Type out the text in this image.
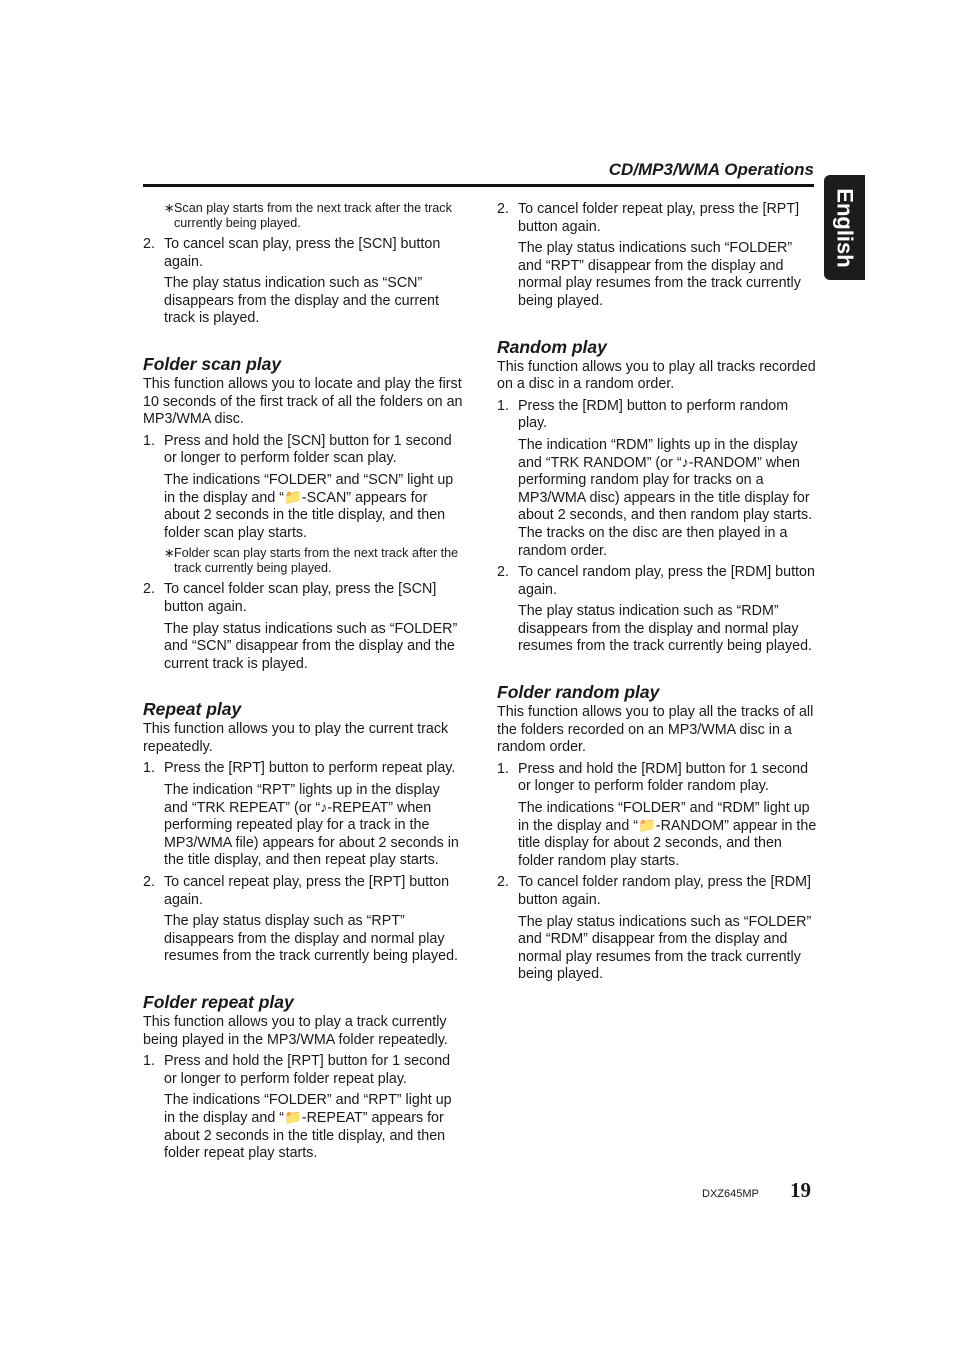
CD/MP3/WMA Operations
English
∗ Scan play starts from the next track after the track currently being played.
2. To cancel scan play, press the [SCN] button again.
The play status indication such as “SCN” disappears from the display and the current track is played.
Folder scan play

This function allows you to locate and play the first 10 seconds of the first track of all the folders on an MP3/WMA disc.

1. Press and hold the [SCN] button for 1 second or longer to perform folder scan play.
The indications “FOLDER” and “SCN” light up in the display and “📁-SCAN” appears for about 2 seconds in the title display, and then folder scan play starts.
∗ Folder scan play starts from the next track after the track currently being played.
2. To cancel folder scan play, press the [SCN] button again.
The play status indications such as “FOLDER” and “SCN” disappear from the display and the current track is played.
Repeat play

This function allows you to play the current track repeatedly.

1. Press the [RPT] button to perform repeat play.
The indication “RPT” lights up in the display and “TRK REPEAT” (or “♪-REPEAT” when performing repeated play for a track in the MP3/WMA file) appears for about 2 seconds in the title display, and then repeat play starts.
2. To cancel repeat play, press the [RPT] button again.
The play status display such as “RPT” disappears from the display and normal play resumes from the track currently being played.
Folder repeat play

This function allows you to play a track currently being played in the MP3/WMA folder repeatedly.

1. Press and hold the [RPT] button for 1 second or longer to perform folder repeat play.
The indications “FOLDER” and “RPT” light up in the display and “📁-REPEAT” appears for about 2 seconds in the title display, and then folder repeat play starts.
2. To cancel folder repeat play, press the [RPT] button again.
The play status indications such “FOLDER” and “RPT” disappear from the display and normal play resumes from the track currently being played.
Random play

This function allows you to play all tracks recorded on a disc in a random order.

1. Press the [RDM] button to perform random play.
The indication “RDM” lights up in the display and “TRK RANDOM” (or “♪-RANDOM” when performing random play for tracks on a MP3/WMA disc) appears in the title display for about 2 seconds, and then random play starts. The tracks on the disc are then played in a random order.
2. To cancel random play, press the [RDM] button again.
The play status indication such as “RDM” disappears from the display and normal play resumes from the track currently being played.
Folder random play

This function allows you to play all the tracks of all the folders recorded on an MP3/WMA disc in a random order.

1. Press and hold the [RDM] button for 1 second or longer to perform folder random play.
The indications “FOLDER” and “RDM” light up in the display and “📁-RANDOM” appear in the title display for about 2 seconds, and then folder random play starts.
2. To cancel folder random play, press the [RDM] button again.
The play status indications such as “FOLDER” and “RDM” disappear from the display and normal play resumes from the track currently being played.
DXZ645MP 19
